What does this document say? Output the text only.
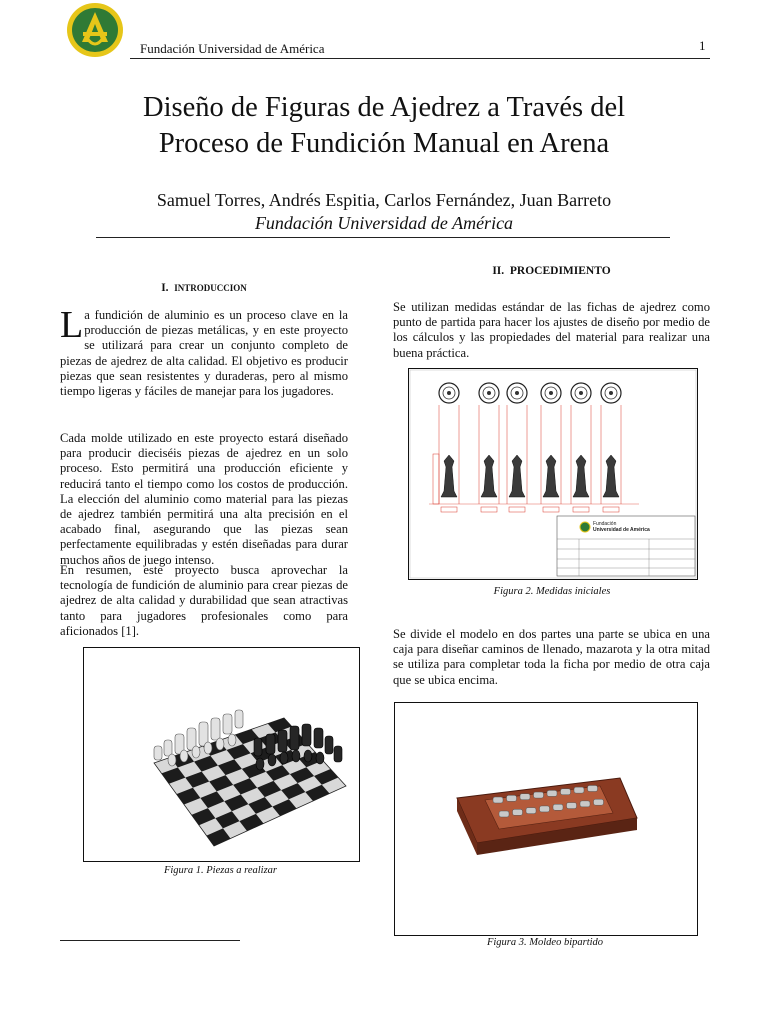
Fundación Universidad de América	1
Diseño de Figuras de Ajedrez a Través del
Proceso de Fundición Manual en Arena
Samuel Torres, Andrés Espitia, Carlos Fernández, Juan Barreto
Fundación Universidad de América
I. INTRODUCCION
La fundición de aluminio es un proceso clave en la producción de piezas metálicas, y en este proyecto se utilizará para crear un conjunto completo de piezas de ajedrez de alta calidad. El objetivo es producir piezas que sean resistentes y duraderas, pero al mismo tiempo ligeras y fáciles de manejar para los jugadores.
Cada molde utilizado en este proyecto estará diseñado para producir dieciséis piezas de ajedrez en un solo proceso. Esto permitirá una producción eficiente y reducirá tanto el tiempo como los costos de producción. La elección del aluminio como material para las piezas de ajedrez también permitirá una alta precisión en el acabado final, asegurando que las piezas sean perfectamente equilibradas y estén diseñadas para durar muchos años de juego intenso.
En resumen, este proyecto busca aprovechar la tecnología de fundición de aluminio para crear piezas de ajedrez de alta calidad y durabilidad que sean atractivas tanto para jugadores profesionales como para aficionados [1].
Figura 1. Piezas a realizar
II. PROCEDIMIENTO
Se utilizan medidas estándar de las fichas de ajedrez como punto de partida para hacer los ajustes de diseño por medio de los cálculos y las propiedades del material para realizar una buena práctica.
Fundación
Universidad de América
Figura 2. Medidas iniciales
Se divide el modelo en dos partes una parte se ubica en una caja para diseñar caminos de llenado, mazarota y la otra mitad se utiliza para completar toda la ficha por medio de otra caja que se ubica encima.
Figura 3. Moldeo bipartido
